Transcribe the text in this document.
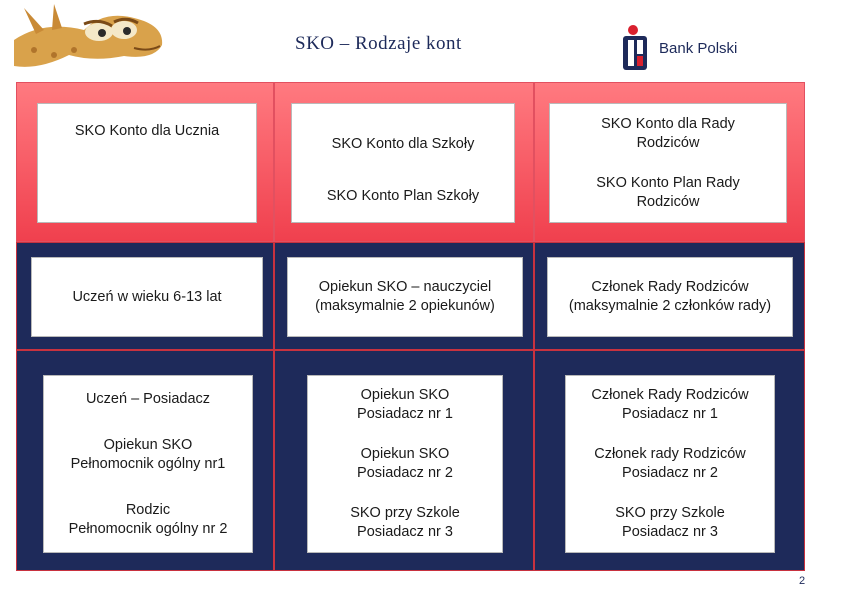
SKO – Rodzaje kont	Bank Polski
SKO Konto dla Ucznia
SKO Konto dla Szkoły
SKO Konto Plan Szkoły
SKO Konto dla Rady
Rodziców
SKO Konto Plan Rady
Rodziców
Uczeń w wieku 6-13 lat
Opiekun SKO – nauczyciel
(maksymalnie 2 opiekunów)
Członek Rady Rodziców
(maksymalnie 2 członków rady)
Uczeń – Posiadacz
Opiekun SKO
Pełnomocnik ogólny nr1
Rodzic
Pełnomocnik ogólny nr 2
Opiekun SKO
Posiadacz nr 1
Opiekun SKO
Posiadacz nr 2
SKO przy Szkole
Posiadacz nr 3
Członek Rady Rodziców
Posiadacz nr 1
Członek rady Rodziców
Posiadacz nr 2
SKO przy Szkole
Posiadacz nr 3
2
